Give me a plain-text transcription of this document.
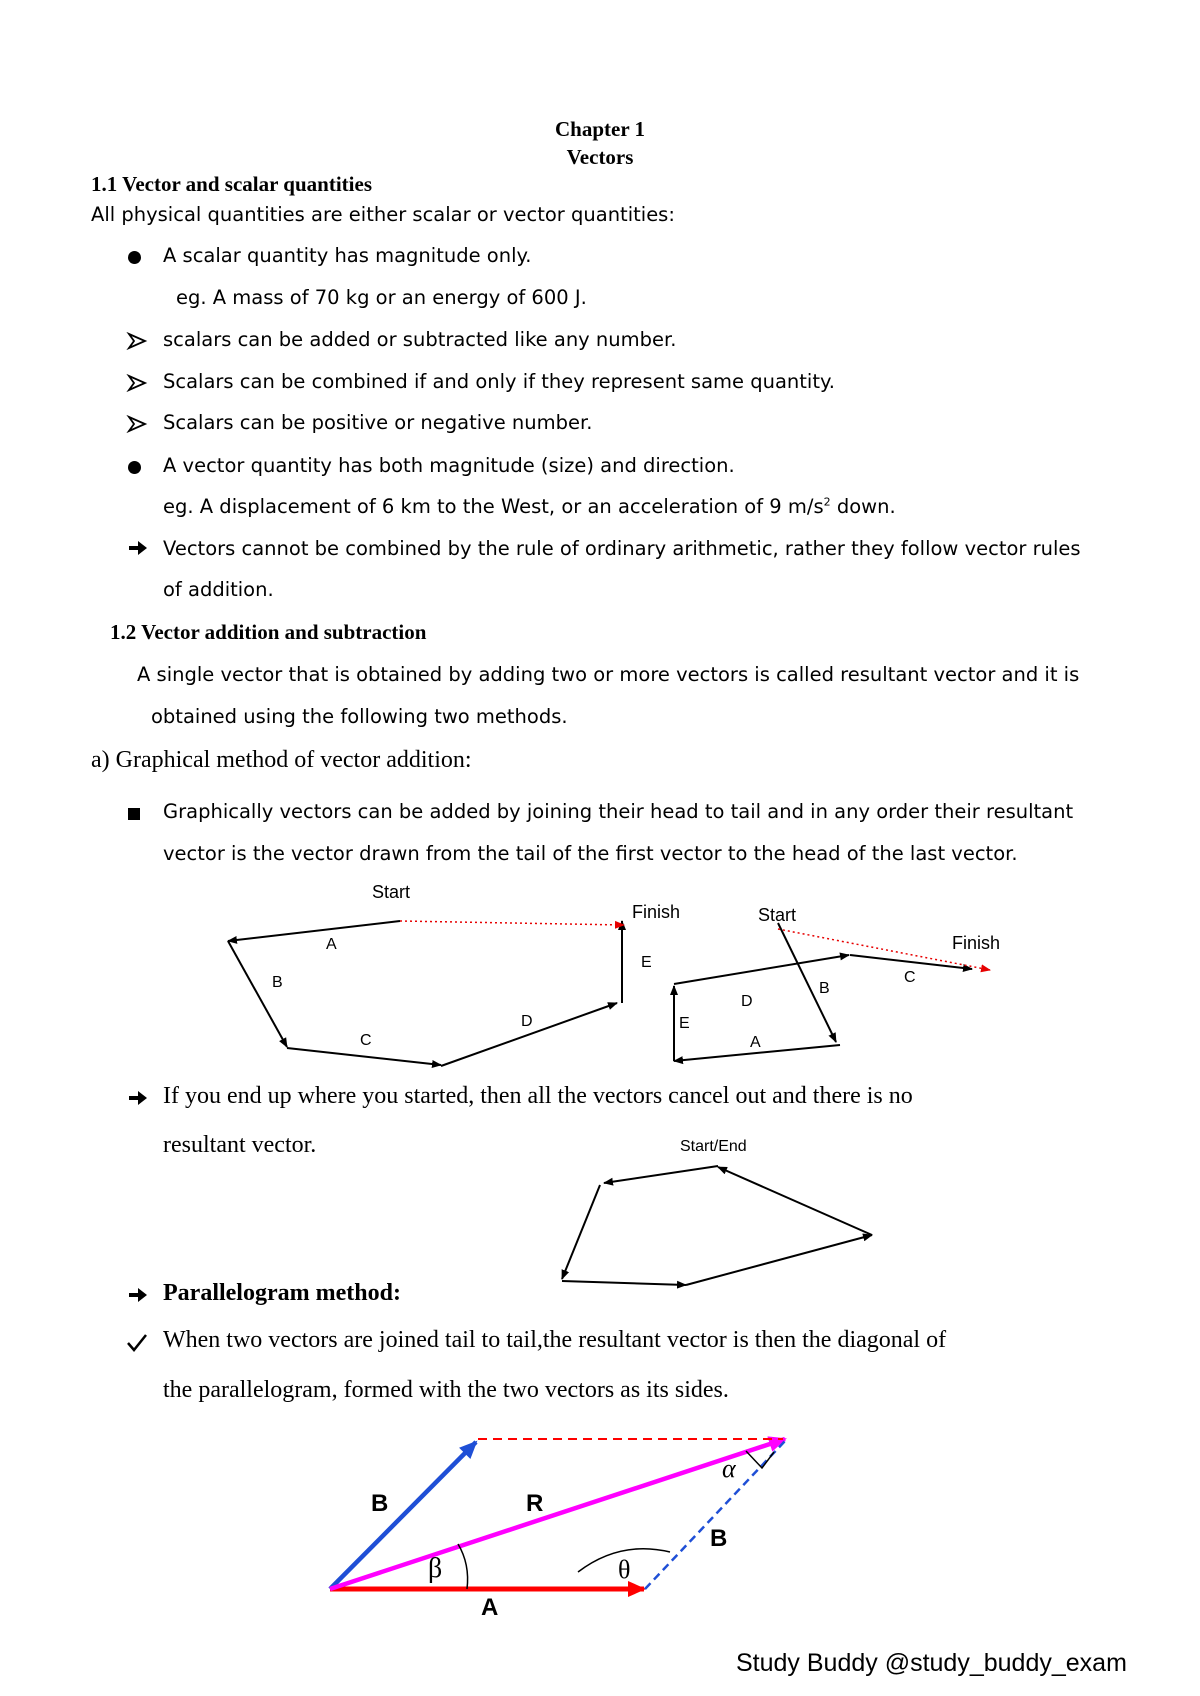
Chapter 1
Vectors
1.1 Vector and scalar quantities
All physical quantities are either scalar or vector quantities:
A scalar quantity has magnitude only.
eg. A mass of 70 kg or an energy of 600 J.
scalars can be added or subtracted like any number.
Scalars can be combined if and only if they represent same quantity.
Scalars can be positive or negative number.
A vector quantity has both magnitude (size) and direction.
eg. A displacement of 6 km to the West, or an acceleration of 9 $m/s^2$ down.
Vectors cannot be combined by the rule of ordinary arithmetic, rather they follow vector rules
of addition.
1.2 Vector addition and subtraction
A single vector that is obtained by adding two or more vectors is called resultant vector and it is
obtained using the following two methods.
a) Graphical method of vector addition:
Graphically vectors can be added by joining their head to tail and in any order their resultant
vector is the vector drawn from the tail of the first vector to the head of the last vector.
Start
Finish
A
B
C
D
E
Start
Finish
A
B
C
D
E
If you end up where you started, then all the vectors cancel out and there is no
resultant vector.	Start/End
Parallelogram method:
When two vectors are joined tail to tail,the resultant vector is then the diagonal of
the parallelogram, formed with the two vectors as its sides.
B	R
B
A
β	θ
α
Study Buddy @study_buddy_exam
